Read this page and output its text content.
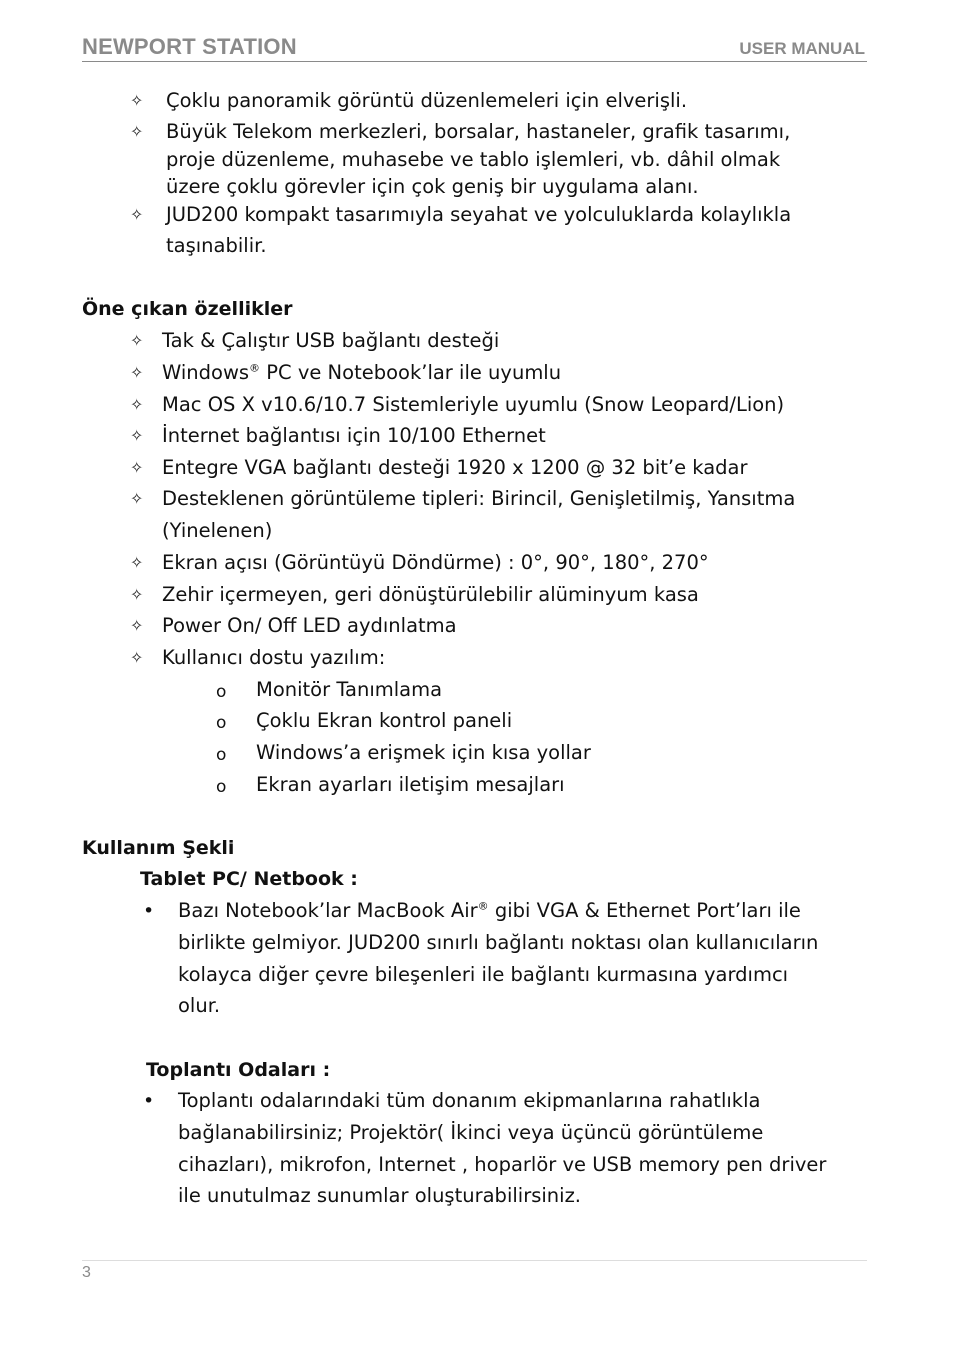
NEWPORT STATION	USER MANUAL
✧ Çoklu panoramik görüntü düzenlemeleri için elverişli.
✧ Büyük Telekom merkezleri, borsalar, hastaneler, grafik tasarımı,
proje düzenleme, muhasebe ve tablo işlemleri, vb. dâhil olmak
üzere çoklu görevler için çok geniş bir uygulama alanı.
✧ JUD200 kompakt tasarımıyla seyahat ve yolculuklarda kolaylıkla
taşınabilir.
Öne çıkan özellikler
✧ Tak & Çalıştır USB bağlantı desteği
✧ Windows® PC ve Notebook’lar ile uyumlu
✧ Mac OS X v10.6/10.7 Sistemleriyle uyumlu (Snow Leopard/Lion)
✧ İnternet bağlantısı için 10/100 Ethernet
✧ Entegre VGA bağlantı desteği 1920 x 1200 @ 32 bit’e kadar
✧ Desteklenen görüntüleme tipleri: Birincil, Genişletilmiş, Yansıtma
(Yinelenen)
✧ Ekran açısı (Görüntüyü Döndürme) : 0°, 90°, 180°, 270°
✧ Zehir içermeyen, geri dönüştürülebilir alüminyum kasa
✧ Power On/ Off LED aydınlatma
✧ Kullanıcı dostu yazılım:
o Monitör Tanımlama
o Çoklu Ekran kontrol paneli
o Windows’a erişmek için kısa yollar
o Ekran ayarları iletişim mesajları
Kullanım Şekli
Tablet PC/ Netbook :
• Bazı Notebook’lar MacBook Air® gibi VGA & Ethernet Port’ları ile
birlikte gelmiyor. JUD200 sınırlı bağlantı noktası olan kullanıcıların
kolayca diğer çevre bileşenleri ile bağlantı kurmasına yardımcı
olur.
Toplantı Odaları :
• Toplantı odalarındaki tüm donanım ekipmanlarına rahatlıkla
bağlanabilirsiniz; Projektör( İkinci veya üçüncü görüntüleme
cihazları), mikrofon, Internet , hoparlör ve USB memory pen driver
ile unutulmaz sunumlar oluşturabilirsiniz.
3
